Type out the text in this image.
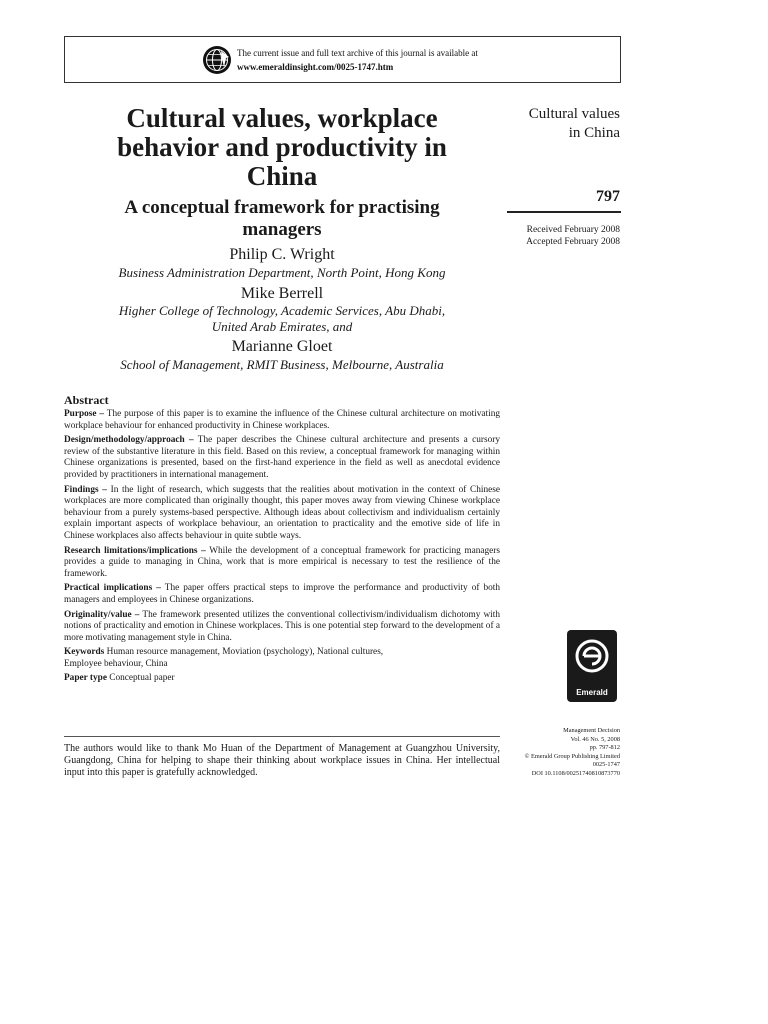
The current issue and full text archive of this journal is available at
www.emeraldinsight.com/0025-1747.htm
Cultural values, workplace
behavior and productivity in
China
A conceptual framework for practising
managers
Philip C. Wright
Business Administration Department, North Point, Hong Kong
Mike Berrell
Higher College of Technology, Academic Services, Abu Dhabi,
United Arab Emirates, and
Marianne Gloet
School of Management, RMIT Business, Melbourne, Australia
Cultural values
in China
797
Received February 2008
Accepted February 2008
Abstract

Purpose – The purpose of this paper is to examine the influence of the Chinese cultural architecture on motivating workplace behaviour for enhanced productivity in Chinese workplaces.

Design/methodology/approach – The paper describes the Chinese cultural architecture and presents a cursory review of the substantive literature in this field. Based on this review, a conceptual framework for managing within Chinese organizations is presented, based on the first-hand experience in the field as well as anecdotal evidence provided by practitioners in international management.

Findings – In the light of research, which suggests that the realities about motivation in the context of Chinese workplaces are more complicated than originally thought, this paper moves away from viewing Chinese workplace behaviour from a purely systems-based perspective. Although ideas about collectivism and individualism certainly explain important aspects of workplace behaviour, an orientation to practicality and the emotive side of life in Chinese workplaces also affects behaviour in quite subtle ways.

Research limitations/implications – While the development of a conceptual framework for practicing managers provides a guide to managing in China, work that is more empirical is necessary to test the resilience of the framework.

Practical implications – The paper offers practical steps to improve the performance and productivity of both managers and employees in Chinese organizations.

Originality/value – The framework presented utilizes the conventional collectivism/individualism dichotomy with notions of practicality and emotion in Chinese workplaces. This is one potential step forward to the development of a more motivating management style in China.

Keywords Human resource management, Moviation (psychology), National cultures,
Employee behaviour, China

Paper type Conceptual paper

The authors would like to thank Mo Huan of the Department of Management at Guangzhou University, Guangdong, China for helping to shape their thinking about workplace issues in China. Her intellectual input into this paper is gratefully acknowledged.
Emerald
Management Decision
Vol. 46 No. 5, 2008
pp. 797-812
© Emerald Group Publishing Limited
0025-1747
DOI 10.1108/00251740810873770
